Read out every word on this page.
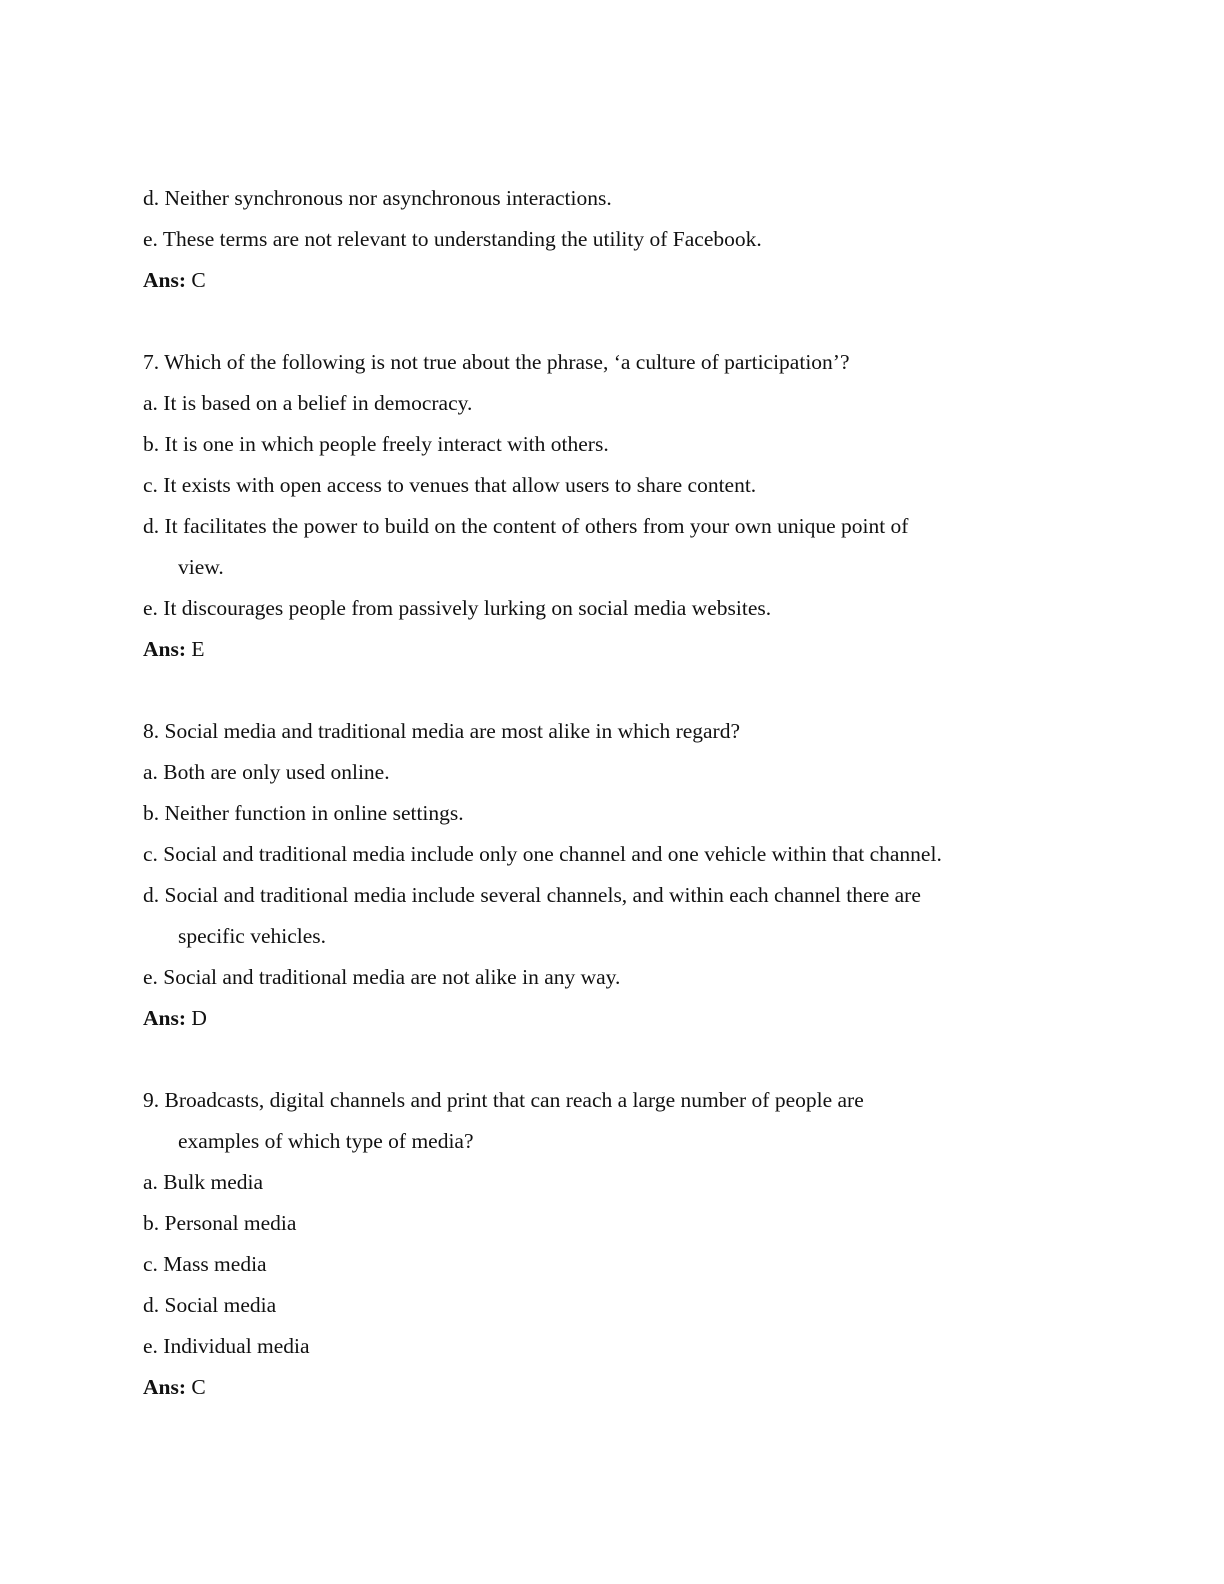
d. Neither synchronous nor asynchronous interactions.
e. These terms are not relevant to understanding the utility of Facebook.
Ans: C
7. Which of the following is not true about the phrase, ‘a culture of participation’?
a. It is based on a belief in democracy.
b. It is one in which people freely interact with others.
c. It exists with open access to venues that allow users to share content.
d. It facilitates the power to build on the content of others from your own unique point of
view.
e. It discourages people from passively lurking on social media websites.
Ans: E
8. Social media and traditional media are most alike in which regard?
a. Both are only used online.
b. Neither function in online settings.
c. Social and traditional media include only one channel and one vehicle within that channel.
d. Social and traditional media include several channels, and within each channel there are
specific vehicles.
e. Social and traditional media are not alike in any way.
Ans: D
9. Broadcasts, digital channels and print that can reach a large number of people are
examples of which type of media?
a. Bulk media
b. Personal media
c. Mass media
d. Social media
e. Individual media
Ans: C
